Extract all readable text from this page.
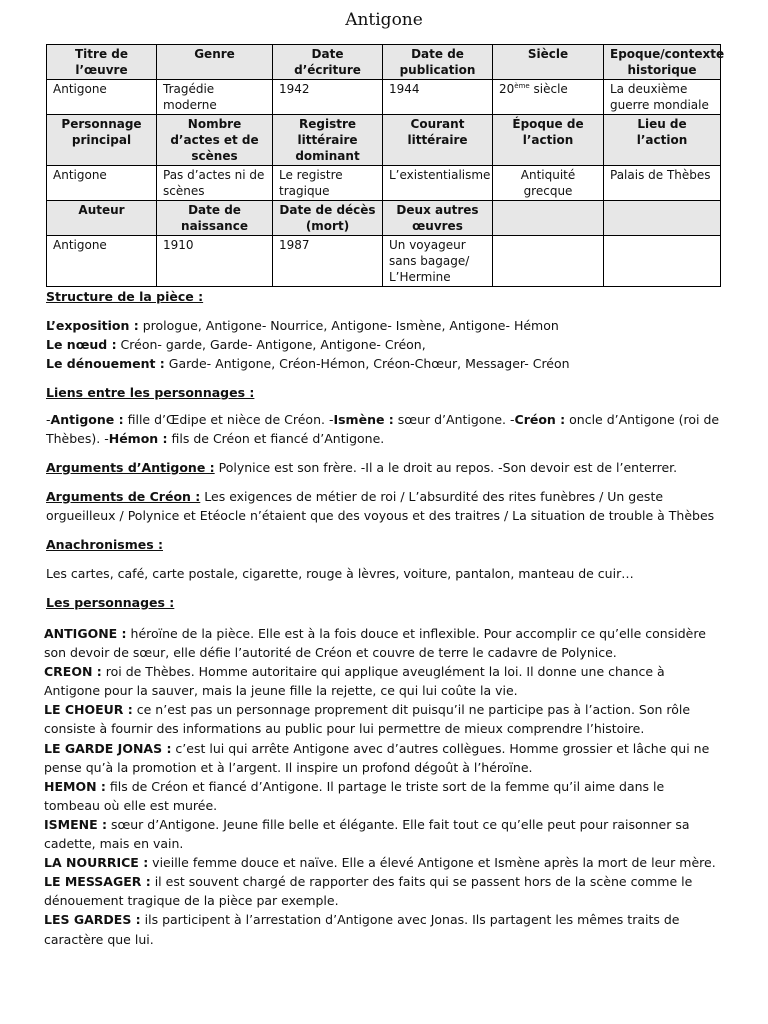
Antigone
Titre de l’œuvre	Genre	Date d’écriture	Date de publication	Siècle	Epoque/contexte historique
Antigone	Tragédie moderne	1942	1944	20ème siècle	La deuxième guerre mondiale
Personnage principal	Nombre d’actes et de scènes	Registre littéraire dominant	Courant littéraire	Époque de l’action	Lieu de l’action
Antigone	Pas d’actes ni de scènes	Le registre tragique	L’existentialisme	Antiquité grecque	Palais de Thèbes
Auteur	Date de naissance	Date de décès (mort)	Deux autres œuvres		
Antigone	1910	1987	Un voyageur sans bagage/ L’Hermine		

Structure de la pièce :

L’exposition : prologue, Antigone- Nourrice, Antigone- Ismène, Antigone- Hémon

Le nœud : Créon- garde, Garde- Antigone, Antigone- Créon,

Le dénouement : Garde- Antigone, Créon-Hémon, Créon-Chœur, Messager- Créon

Liens entre les personnages :

-Antigone : fille d’Œdipe et nièce de Créon. -Ismène : sœur d’Antigone. -Créon : oncle d’Antigone (roi de Thèbes). -Hémon : fils de Créon et fiancé d’Antigone.

Arguments d’Antigone : Polynice est son frère. -Il a le droit au repos. -Son devoir est de l’enterrer.

Arguments de Créon : Les exigences de métier de roi / L’absurdité des rites funèbres / Un geste orgueilleux / Polynice et Etéocle n’étaient que des voyous et des traitres / La situation de trouble à Thèbes

Anachronismes :

Les cartes, café, carte postale, cigarette, rouge à lèvres, voiture, pantalon, manteau de cuir…

Les personnages :

ANTIGONE : héroïne de la pièce. Elle est à la fois douce et inflexible. Pour accomplir ce qu’elle considère son devoir de sœur, elle défie l’autorité de Créon et couvre de terre le cadavre de Polynice.

CREON : roi de Thèbes. Homme autoritaire qui applique aveuglément la loi. Il donne une chance à Antigone pour la sauver, mais la jeune fille la rejette, ce qui lui coûte la vie.

LE CHOEUR : ce n’est pas un personnage proprement dit puisqu’il ne participe pas à l’action. Son rôle consiste à fournir des informations au public pour lui permettre de mieux comprendre l’histoire.

LE GARDE JONAS : c’est lui qui arrête Antigone avec d’autres collègues. Homme grossier et lâche qui ne pense qu’à la promotion et à l’argent. Il inspire un profond dégoût à l’héroïne.

HEMON : fils de Créon et fiancé d’Antigone. Il partage le triste sort de la femme qu’il aime dans le tombeau où elle est murée.

ISMENE : sœur d’Antigone. Jeune fille belle et élégante. Elle fait tout ce qu’elle peut pour raisonner sa cadette, mais en vain.

LA NOURRICE : vieille femme douce et naïve. Elle a élevé Antigone et Ismène après la mort de leur mère.

LE MESSAGER : il est souvent chargé de rapporter des faits qui se passent hors de la scène comme le dénouement tragique de la pièce par exemple.

LES GARDES : ils participent à l’arrestation d’Antigone avec Jonas. Ils partagent les mêmes traits de caractère que lui.
